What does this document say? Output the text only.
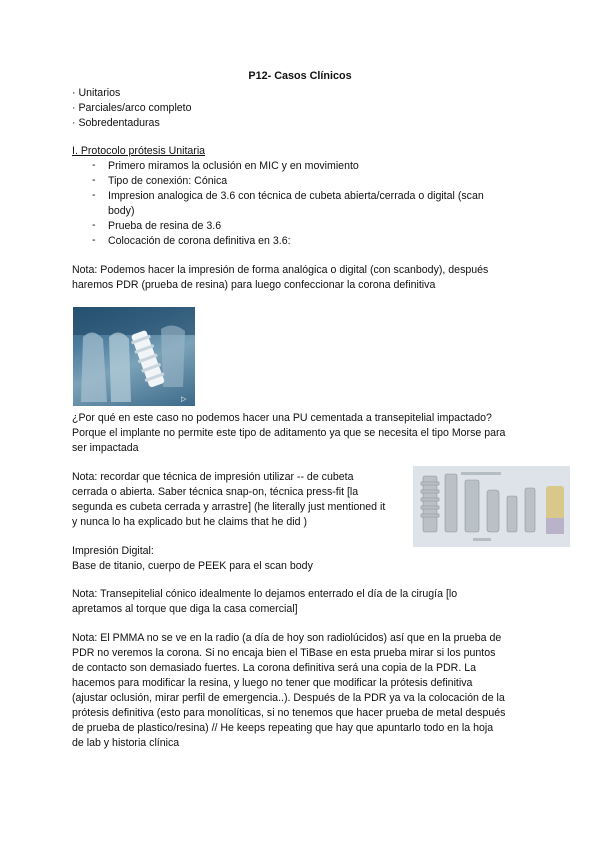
P12- Casos Clínicos
· Unitarios
· Parciales/arco completo
· Sobredentaduras
I. Protocolo prótesis Unitaria
- Primero miramos la oclusión en MIC y en movimiento
- Tipo de conexión: Cónica
- Impresion analogica de 3.6 con técnica de cubeta abierta/cerrada o digital (scan
body)
- Prueba de resina de 3.6
- Colocación de corona definitiva en 3.6:
Nota: Podemos hacer la impresión de forma analógica o digital (con scanbody), después
haremos PDR (prueba de resina) para luego confeccionar la corona definitiva
▷
¿Por qué en este caso no podemos hacer una PU cementada a transepitelial impactado?
Porque el implante no permite este tipo de aditamento ya que se necesita el tipo Morse para
ser impactada
Nota: recordar que técnica de impresión utilizar -- de cubeta
cerrada o abierta. Saber técnica snap-on, técnica press-fit [la
segunda es cubeta cerrada y arrastre] (he literally just mentioned it
y nunca lo ha explicado but he claims that he did )
Impresión Digital:
Base de titanio, cuerpo de PEEK para el scan body
Nota: Transepitelial cónico idealmente lo dejamos enterrado el día de la cirugía [lo
apretamos al torque que diga la casa comercial]
Nota: El PMMA no se ve en la radio (a día de hoy son radiolúcidos) así que en la prueba de
PDR no veremos la corona. Si no encaja bien el TiBase en esta prueba mirar si los puntos
de contacto son demasiado fuertes. La corona definitiva será una copia de la PDR. La
hacemos para modificar la resina, y luego no tener que modificar la prótesis definitiva
(ajustar oclusión, mirar perfil de emergencia..). Después de la PDR ya va la colocación de la
prótesis definitiva (esto para monolíticas, si no tenemos que hacer prueba de metal después
de prueba de plastico/resina) // He keeps repeating que hay que apuntarlo todo en la hoja
de lab y historia clínica
